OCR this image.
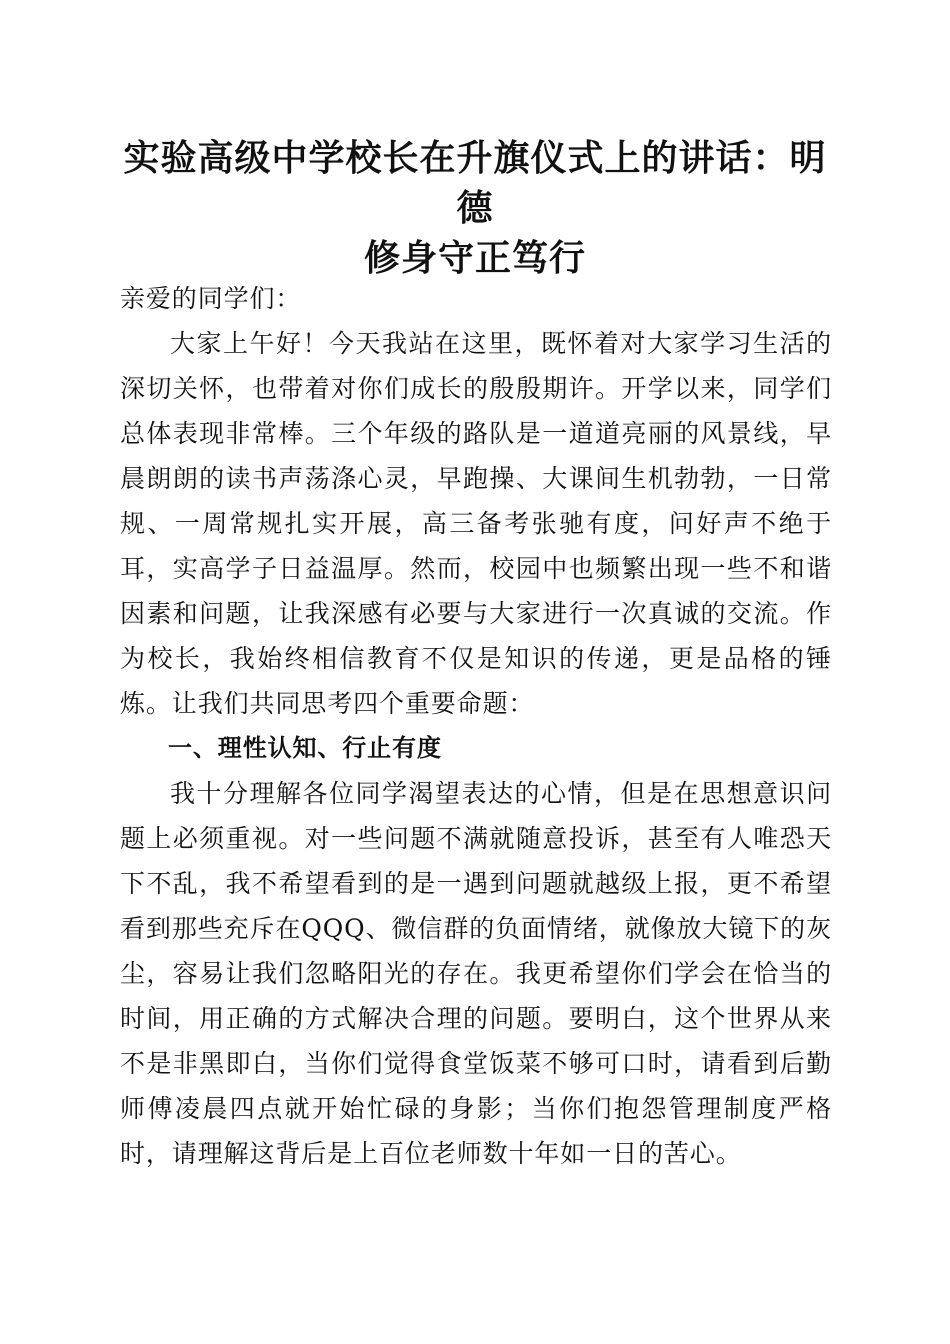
实验高级中学校长在升旗仪式上的讲话：明德
修身守正笃行

亲爱的同学们：

大家上午好！今天我站在这里，既怀着对大家学习生活的深切关怀，也带着对你们成长的殷殷期许。开学以来，同学们总体表现非常棒。三个年级的路队是一道道亮丽的风景线，早晨朗朗的读书声荡涤心灵，早跑操、大课间生机勃勃，一日常规、一周常规扎实开展，高三备考张驰有度，问好声不绝于耳，实高学子日益温厚。然而，校园中也频繁出现一些不和谐因素和问题，让我深感有必要与大家进行一次真诚的交流。作为校长，我始终相信教育不仅是知识的传递，更是品格的锤炼。让我们共同思考四个重要命题：

一、理性认知、行止有度

我十分理解各位同学渴望表达的心情，但是在思想意识问题上必须重视。对一些问题不满就随意投诉，甚至有人唯恐天下不乱，我不希望看到的是一遇到问题就越级上报，更不希望看到那些充斥在QQQ、微信群的负面情绪，就像放大镜下的灰尘，容易让我们忽略阳光的存在。我更希望你们学会在恰当的时间，用正确的方式解决合理的问题。要明白，这个世界从来不是非黑即白，当你们觉得食堂饭菜不够可口时，请看到后勤师傅凌晨四点就开始忙碌的身影；当你们抱怨管理制度严格时，请理解这背后是上百位老师数十年如一日的苦心。
